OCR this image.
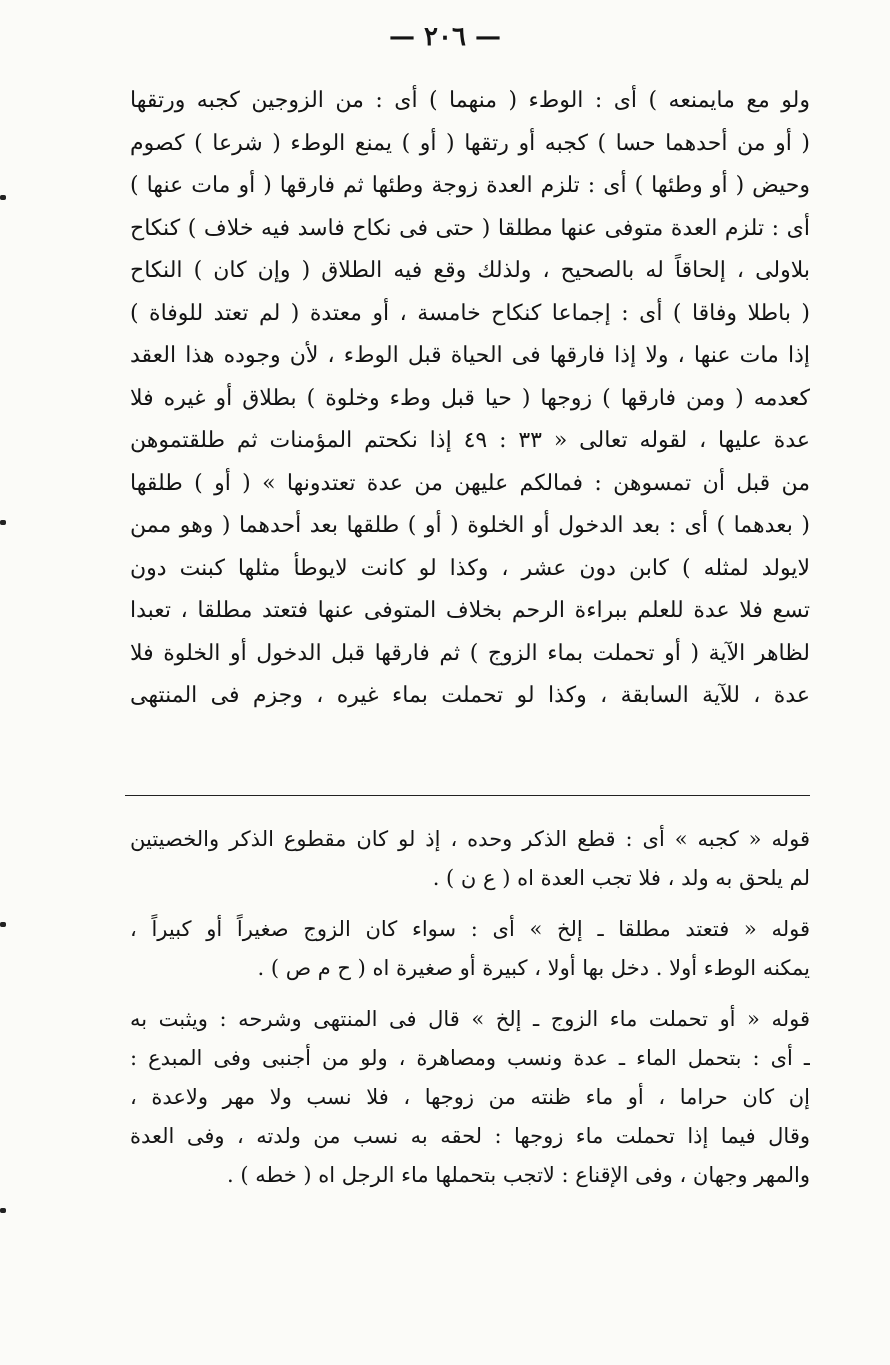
— ٢٠٦ —
ولو مع مايمنعه ) أى : الوطء ( منهما ) أى : من الزوجين كجبه ورتقها
( أو من أحدهما حسا ) كجبه أو رتقها ( أو ) يمنع الوطء ( شرعا ) كصوم
وحيض ( أو وطئها ) أى : تلزم العدة زوجة وطئها ثم فارقها ( أو مات عنها )
أى : تلزم العدة متوفى عنها مطلقا ( حتى فى نكاح فاسد فيه خلاف ) كنكاح
بلاولى ، إلحاقاً له بالصحيح ، ولذلك وقع فيه الطلاق ( وإن كان ) النكاح
( باطلا وفاقا ) أى : إجماعا كنكاح خامسة ، أو معتدة ( لم تعتد للوفاة )
إذا مات عنها ، ولا إذا فارقها فى الحياة قبل الوطء ، لأن وجوده هذا العقد
كعدمه ( ومن فارقها ) زوجها ( حيا قبل وطء وخلوة ) بطلاق أو غيره فلا
عدة عليها ، لقوله تعالى « ٣٣ : ٤٩ إذا نكحتم المؤمنات ثم طلقتموهن
من قبل أن تمسوهن : فمالكم عليهن من عدة تعتدونها » ( أو ) طلقها
( بعدهما ) أى : بعد الدخول أو الخلوة ( أو ) طلقها بعد أحدهما ( وهو ممن
لايولد لمثله ) كابن دون عشر ، وكذا لو كانت لايوطأ مثلها كبنت دون
تسع فلا عدة للعلم ببراءة الرحم بخلاف المتوفى عنها فتعتد مطلقا ، تعبدا
لظاهر الآية ( أو تحملت بماء الزوج ) ثم فارقها قبل الدخول أو الخلوة فلا
عدة ، للآية السابقة ، وكذا لو تحملت بماء غيره ، وجزم فى المنتهى
قوله « كجبه » أى : قطع الذكر وحده ، إذ لو كان مقطوع الذكر والخصيتين
لم يلحق به ولد ، فلا تجب العدة اه ( ع ن ) .
قوله « فتعتد مطلقا ـ إلخ » أى : سواء كان الزوج صغيراً أو كبيراً ،
يمكنه الوطء أولا . دخل بها أولا ، كبيرة أو صغيرة اه ( ح م ص ) .
قوله « أو تحملت ماء الزوج ـ إلخ » قال فى المنتهى وشرحه : ويثبت به
ـ أى : بتحمل الماء ـ عدة ونسب ومصاهرة ، ولو من أجنبى وفى المبدع :
إن كان حراما ، أو ماء ظنته من زوجها ، فلا نسب ولا مهر ولاعدة ،
وقال فيما إذا تحملت ماء زوجها : لحقه به نسب من ولدته ، وفى العدة
والمهر وجهان ، وفى الإقناع : لاتجب بتحملها ماء الرجل اه ( خطه ) .
